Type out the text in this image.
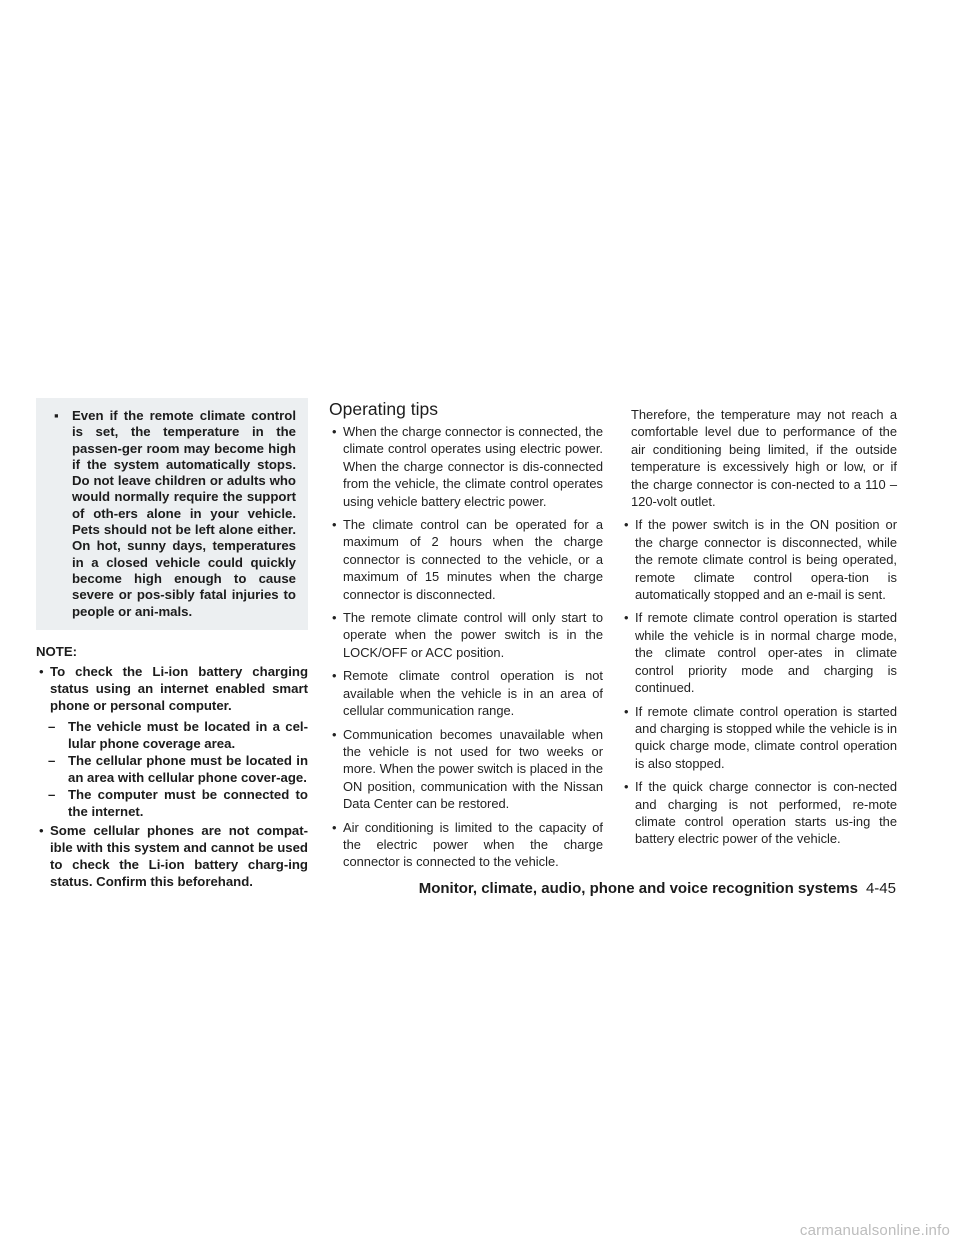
▪ Even if the remote climate control is set, the temperature in the passen-ger room may become high if the system automatically stops. Do not leave children or adults who would normally require the support of oth-ers alone in your vehicle. Pets should not be left alone either. On hot, sunny days, temperatures in a closed vehicle could quickly become high enough to cause severe or pos-sibly fatal injuries to people or ani-mals.
NOTE:
• To check the Li-ion battery charging status using an internet enabled smart phone or personal computer.
– The vehicle must be located in a cel-lular phone coverage area.
– The cellular phone must be located in an area with cellular phone cover-age.
– The computer must be connected to the internet.
• Some cellular phones are not compat-ible with this system and cannot be used to check the Li-ion battery charg-ing status. Confirm this beforehand.
Operating tips
• When the charge connector is connected, the climate control operates using electric power. When the charge connector is dis-connected from the vehicle, the climate control operates using vehicle battery electric power.
• The climate control can be operated for a maximum of 2 hours when the charge connector is connected to the vehicle, or a maximum of 15 minutes when the charge connector is disconnected.
• The remote climate control will only start to operate when the power switch is in the LOCK/OFF or ACC position.
• Remote climate control operation is not available when the vehicle is in an area of cellular communication range.
• Communication becomes unavailable when the vehicle is not used for two weeks or more. When the power switch is placed in the ON position, communication with the Nissan Data Center can be restored.
• Air conditioning is limited to the capacity of the electric power when the charge connector is connected to the vehicle.
Therefore, the temperature may not reach a comfortable level due to performance of the air conditioning being limited, if the outside temperature is excessively high or low, or if the charge connector is con-nected to a 110 – 120-volt outlet.
• If the power switch is in the ON position or the charge connector is disconnected, while the remote climate control is being operated, remote climate control opera-tion is automatically stopped and an e-mail is sent.
• If remote climate control operation is started while the vehicle is in normal charge mode, the climate control oper-ates in climate control priority mode and charging is continued.
• If remote climate control operation is started and charging is stopped while the vehicle is in quick charge mode, climate control operation is also stopped.
• If the quick charge connector is con-nected and charging is not performed, re-mote climate control operation starts us-ing the battery electric power of the vehicle.
Monitor, climate, audio, phone and voice recognition systems 4-45
carmanualsonline.info
